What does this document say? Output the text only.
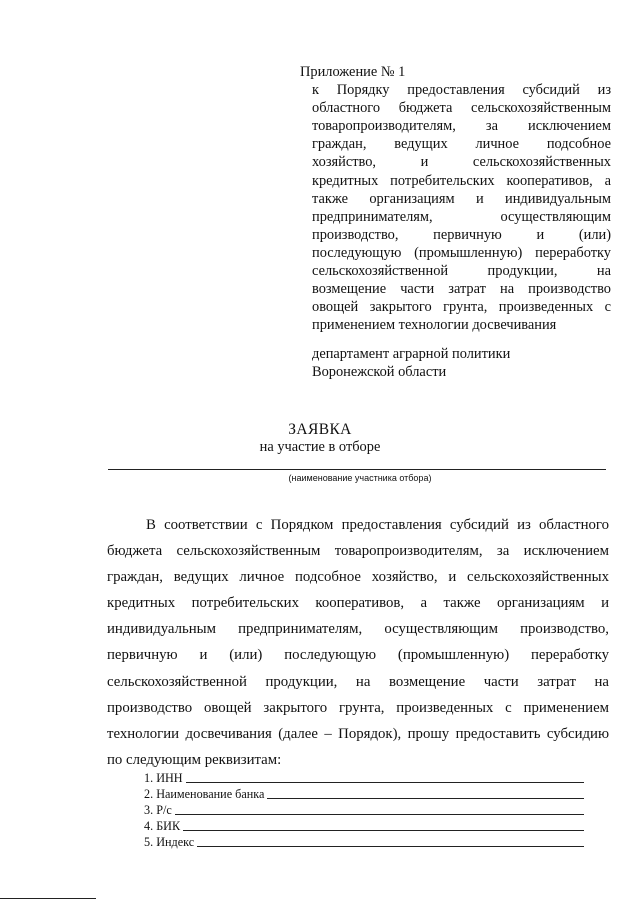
Приложение № 1

к Порядку предоставления субсидий из
областного бюджета сельскохозяйственным
товаропроизводителям, за исключением
граждан, ведущих личное подсобное
хозяйство, и сельскохозяйственных
кредитных потребительских кооперативов, а
также организациям и индивидуальным
предпринимателям, осуществляющим
производство, первичную и (или)
последующую (промышленную) переработку
сельскохозяйственной продукции, на
возмещение части затрат на производство
овощей закрытого грунта, произведенных с
применением технологии досвечивания
департамент аграрной политики
Воронежской области
ЗАЯВКА
на участие в отборе
(наименование участника отбора)
В соответствии с Порядком предоставления субсидий из областного
бюджета сельскохозяйственным товаропроизводителям, за исключением
граждан, ведущих личное подсобное хозяйство, и сельскохозяйственных
кредитных потребительских кооперативов, а также организациям и
индивидуальным предпринимателям, осуществляющим производство,
первичную и (или) последующую (промышленную) переработку
сельскохозяйственной продукции, на возмещение части затрат на
производство овощей закрытого грунта, произведенных с применением
технологии досвечивания (далее – Порядок), прошу предоставить субсидию
по следующим реквизитам:
1. ИНН
2. Наименование банка
3. Р/с
4. БИК
5. Индекс
